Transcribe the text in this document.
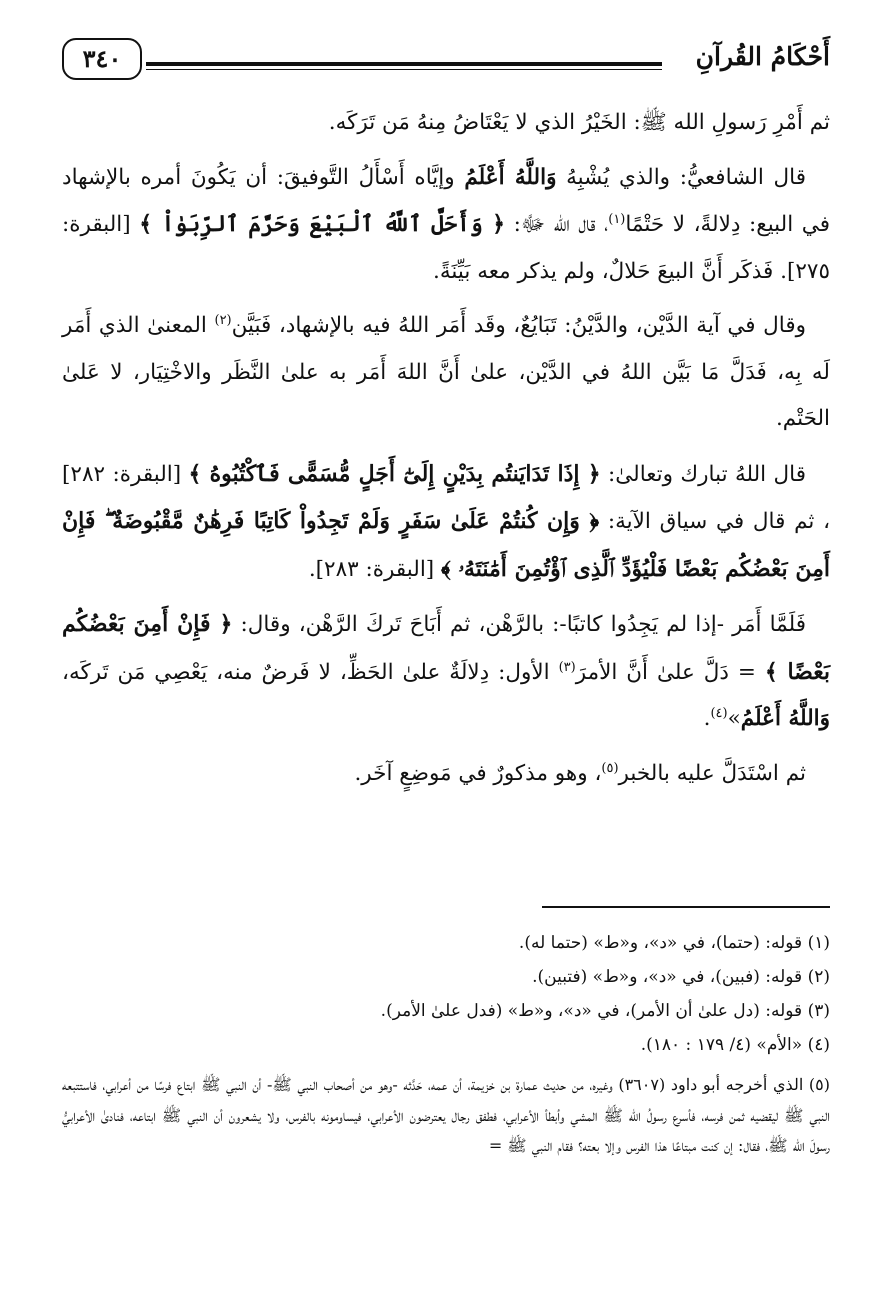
أَحْكَامُ القُرآنِ
٣٤٠

ثم أَمْرِ رَسولِ الله ﷺ: الخَيْرُ الذي لا يَعْتَاضُ مِنهُ مَن تَرَكَه.

قال الشافعيُّ: والذي يُشْبِهُ وَاللَّهُ أَعْلَمُ وإيَّاه أَسْأَلُ التَّوفيقَ: أن يَكُونَ أمره بالإشهاد في البيع: دِلالةً، لا حَتْمًا$^{(١)}$، قال الله ﷻ: ﴿ وَأَحَلَّ ٱللَّهُ ٱلْبَيْعَ وَحَرَّمَ ٱلرِّبَوٰاْ ﴾ [البقرة: ٢٧٥]. فَذكَر أَنَّ البيعَ حَلالٌ، ولم يذكر معه بَيِّنَةً.

وقال في آية الدَّيْن، والدَّيْنُ: تَبَايُعٌ، وقَد أَمَر اللهُ فيه بالإشهاد، فَبَيَّن$^{(٢)}$ المعنىٰ الذي أَمَر لَه بِه، فَدَلَّ مَا بَيَّن اللهُ في الدَّيْن، علىٰ أَنَّ اللهَ أَمَر به علىٰ النَّظَر والاخْتِيَار، لا عَلىٰ الحَتْم.

قال اللهُ تبارك وتعالىٰ: ﴿ إِذَا تَدَايَنتُم بِدَيْنٍ إِلَىٰٓ أَجَلٍ مُّسَمًّى فَٱكْتُبُوهُ ﴾ [البقرة: ٢٨٢] ، ثم قال في سياق الآية: ﴿ وَإِن كُنتُمْ عَلَىٰ سَفَرٍ وَلَمْ تَجِدُواْ كَاتِبًا فَرِهَٰنٌ مَّقْبُوضَةٌ ۖ فَإِنْ أَمِنَ بَعْضُكُم بَعْضًا فَلْيُؤَدِّ ٱلَّذِى ٱؤْتُمِنَ أَمَٰنَتَهُۥ ﴾ [البقرة: ٢٨٣].

فَلَمَّا أَمَر -إذا لم يَجِدُوا كاتبًا-: بالرَّهْن، ثم أَبَاحَ تَركَ الرَّهْن، وقال: ﴿ فَإِنْ أَمِنَ بَعْضُكُم بَعْضًا ﴾ = دَلَّ علىٰ أَنَّ الأمرَ$^{(٣)}$ الأول: دِلالَةٌ علىٰ الحَظِّ، لا فَرضٌ منه، يَعْصِي مَن تَركَه، وَاللَّهُ أَعْلَمُ»$^{(٤)}$.

ثم اسْتَدَلَّ عليه بالخبر$^{(٥)}$، وهو مذكورٌ في مَوضِعٍ آخَر.

(١) قوله: (حتما)، في «د»، و«ط» (حتما له).

(٢) قوله: (فبين)، في «د»، و«ط» (فتبين).

(٣) قوله: (دل علىٰ أن الأمر)، في «د»، و«ط» (فدل علىٰ الأمر).

(٤) «الأم» (٤/ ١٧٩ : ١٨٠).

(٥) الذي أخرجه أبو داود (٣٦٠٧) وغيره، من حديث عمارة بن خزيمة، أن عمه، حَدَّثه -وهو من أصحاب النبي ﷺ- أن النبي ﷺ ابتاع فرسًا من أعرابي، فاستتبعه النبي ﷺ ليقضيه ثمن فرسه، فأسرع رسولُ الله ﷺ المشي وأبطأ الأعرابي، فطفق رجال يعترضون الأعرابي، فيساومونه بالفرس، ولا يشعرون أن النبي ﷺ ابتاعه، فنادىٰ الأعرابيُّ رسولَ الله ﷺ، فقال: إن كنت مبتاعًا هذا الفرس وإلا بعته؟ فقام النبي ﷺ =
